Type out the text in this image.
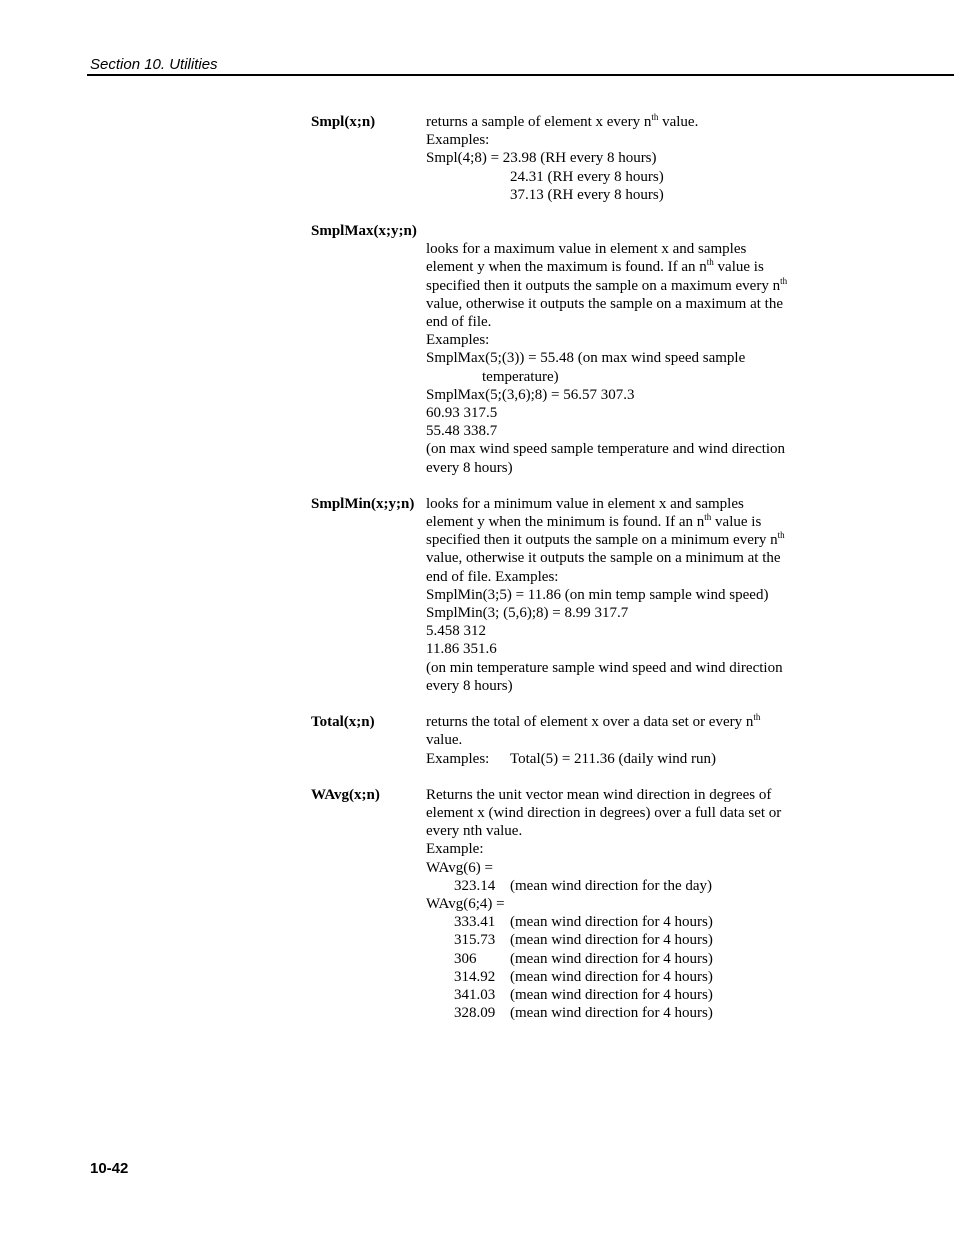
Section 10. Utilities
Smpl(x;n)	returns a sample of element x every $n^{th}$ value.
Examples:
Smpl(4;8) = 23.98 (RH every 8 hours)
24.31 (RH every 8 hours)
37.13 (RH every 8 hours)
SmplMax(x;y;n)
looks for a maximum value in element x and samples
element y when the maximum is found. If an $n^{th}$ value is
specified then it outputs the sample on a maximum every $n^{th}$
value, otherwise it outputs the sample on a maximum at the
end of file.
Examples:
SmplMax(5;(3)) = 55.48 (on max wind speed sample
temperature)
SmplMax(5;(3,6);8) = 56.57 307.3
60.93 317.5
55.48 338.7
(on max wind speed sample temperature and wind direction
every 8 hours)
SmplMin(x;y;n) looks for a minimum value in element x and samples
element y when the minimum is found. If an $n^{th}$ value is
specified then it outputs the sample on a minimum every $n^{th}$
value, otherwise it outputs the sample on a minimum at the
end of file. Examples:
SmplMin(3;5) = 11.86 (on min temp sample wind speed)
SmplMin(3; (5,6);8) = 8.99 317.7
5.458 312
11.86 351.6
(on min temperature sample wind speed and wind direction
every 8 hours)
Total(x;n)	returns the total of element x over a data set or every $n^{th}$
value.
Examples: Total(5) = 211.36 (daily wind run)
WAvg(x;n)	Returns the unit vector mean wind direction in degrees of
element x (wind direction in degrees) over a full data set or
every nth value.
Example:
WAvg(6) =
323.14 (mean wind direction for the day)
WAvg(6;4) =
333.41 (mean wind direction for 4 hours)
315.73 (mean wind direction for 4 hours)
306 (mean wind direction for 4 hours)
314.92 (mean wind direction for 4 hours)
341.03 (mean wind direction for 4 hours)
328.09 (mean wind direction for 4 hours)
10-42
